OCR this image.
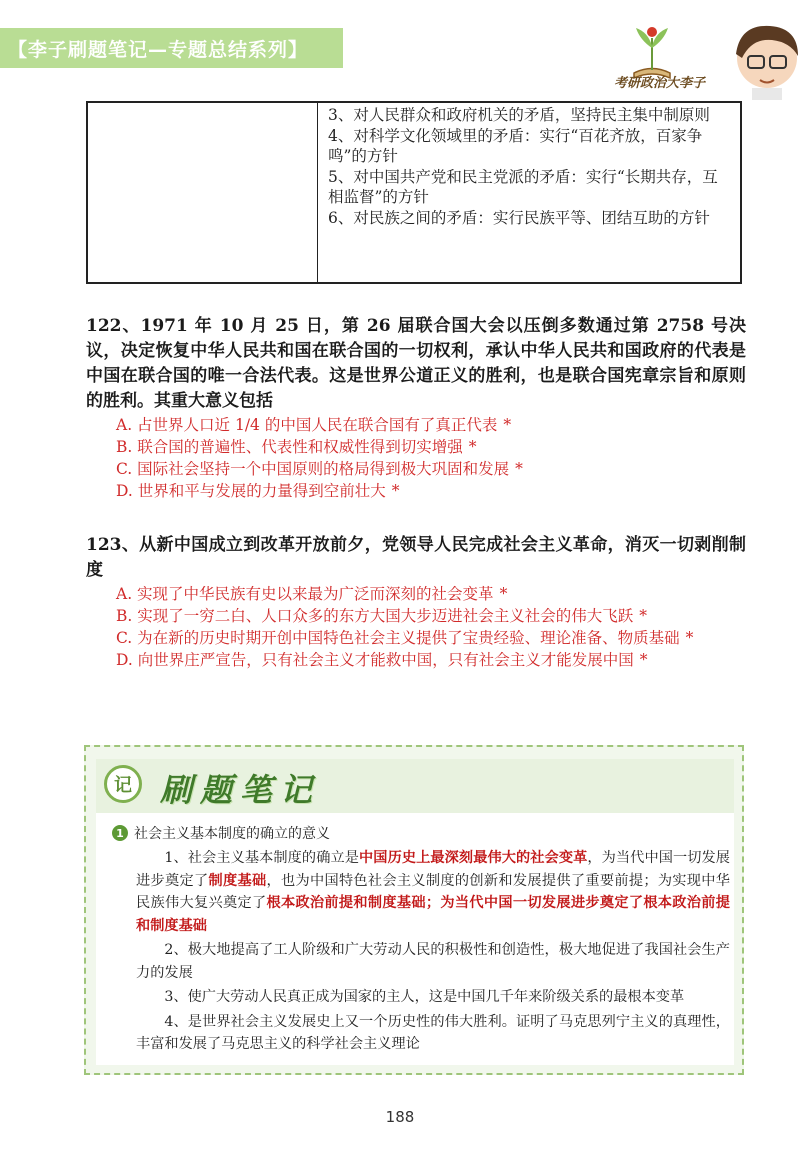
【李子刷题笔记—专题总结系列】
考研政治大李子

3、对人民群众和政府机关的矛盾，坚持民主集中制原则

4、对科学文化领域里的矛盾：实行“百花齐放，百家争鸣”的方针

5、对中国共产党和民主党派的矛盾：实行“长期共存，互相监督”的方针

6、对民族之间的矛盾：实行民族平等、团结互助的方针

122、1971 年 10 月 25 日，第 26 届联合国大会以压倒多数通过第 2758 号决议，决定恢复中华人民共和国在联合国的一切权利，承认中华人民共和国政府的代表是中国在联合国的唯一合法代表。这是世界公道正义的胜利，也是联合国宪章宗旨和原则的胜利。其重大意义包括
A. 占世界人口近 1/4 的中国人民在联合国有了真正代表 *
B. 联合国的普遍性、代表性和权威性得到切实增强 *
C. 国际社会坚持一个中国原则的格局得到极大巩固和发展 *
D. 世界和平与发展的力量得到空前壮大 *
123、从新中国成立到改革开放前夕，党领导人民完成社会主义革命，消灭一切剥削制度
A. 实现了中华民族有史以来最为广泛而深刻的社会变革 *
B. 实现了一穷二白、人口众多的东方大国大步迈进社会主义社会的伟大飞跃 *
C. 为在新的历史时期开创中国特色社会主义提供了宝贵经验、理论准备、物质基础 *
D. 向世界庄严宣告，只有社会主义才能救中国，只有社会主义才能发展中国 *
记 刷题笔记
1 社会主义基本制度的确立的意义

1、社会主义基本制度的确立是中国历史上最深刻最伟大的社会变革，为当代中国一切发展进步奠定了制度基础，也为中国特色社会主义制度的创新和发展提供了重要前提；为实现中华民族伟大复兴奠定了根本政治前提和制度基础；为当代中国一切发展进步奠定了根本政治前提和制度基础

2、极大地提高了工人阶级和广大劳动人民的积极性和创造性，极大地促进了我国社会生产力的发展

3、使广大劳动人民真正成为国家的主人，这是中国几千年来阶级关系的最根本变革

4、是世界社会主义发展史上又一个历史性的伟大胜利。证明了马克思列宁主义的真理性，丰富和发展了马克思主义的科学社会主义理论

188
